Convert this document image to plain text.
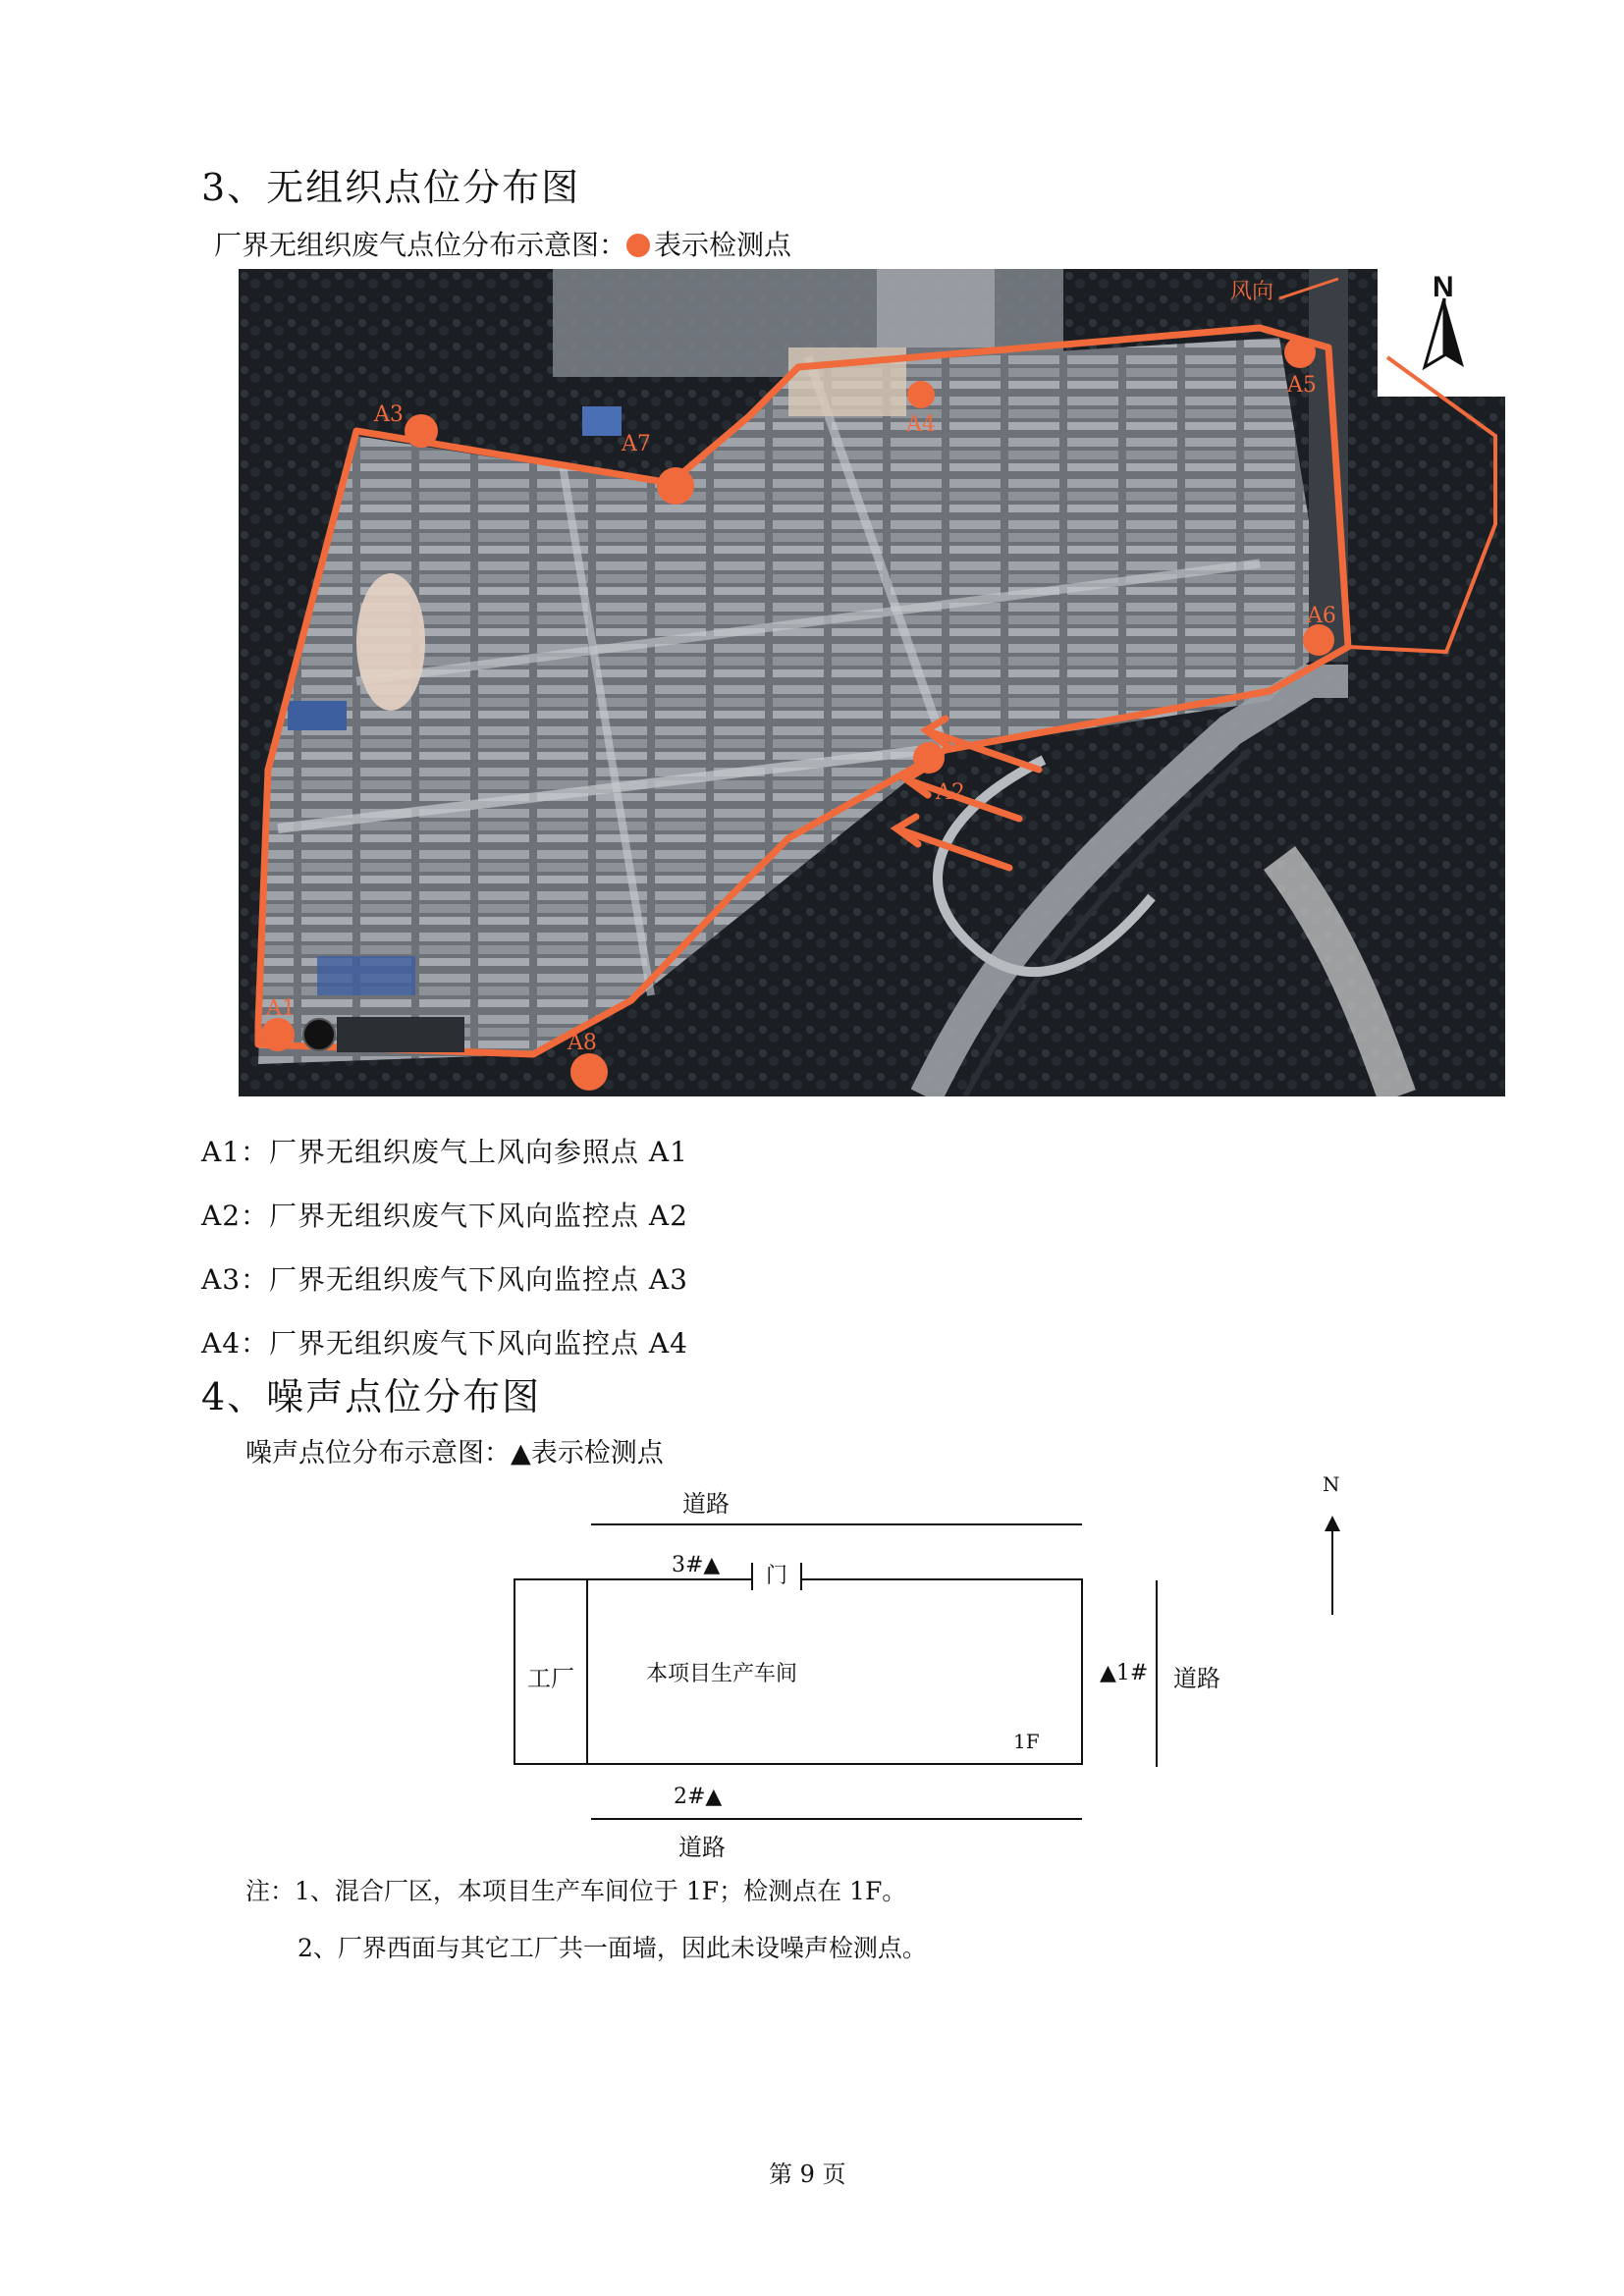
3、无组织点位分布图
厂界无组织废气点位分布示意图： 表示检测点
N
风向
A1
A2
A3	A4
A5
A6
A7
A8
A1：厂界无组织废气上风向参照点 A1
A2：厂界无组织废气下风向监控点 A2
A3：厂界无组织废气下风向监控点 A3
A4：厂界无组织废气下风向监控点 A4
4、噪声点位分布图
噪声点位分布示意图：▲表示检测点
道路
3#▲ 门
工厂	本项目生产车间
1F
▲1# 道路
2#▲
道路
N
注：1、混合厂区，本项目生产车间位于 1F；检测点在 1F。
2、厂界西面与其它工厂共一面墙，因此未设噪声检测点。
第 9 页
